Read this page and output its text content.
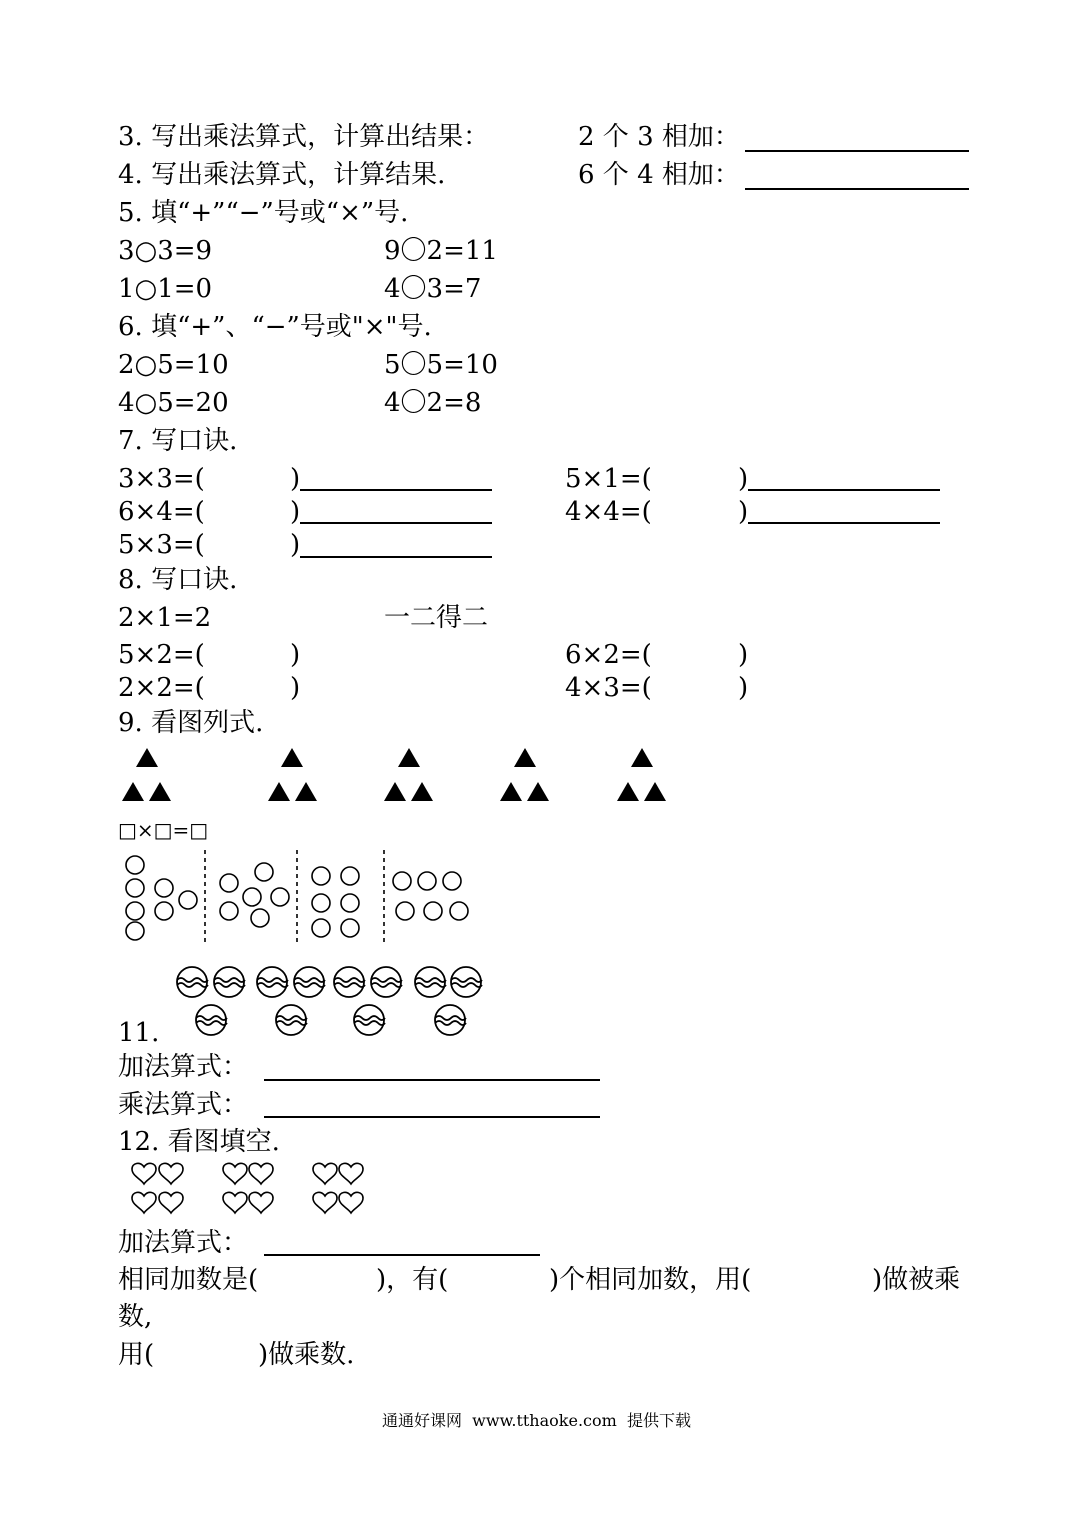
3. 写出乘法算式，计算出结果：	2 个 3 相加：
4. 写出乘法算式，计算结果.	6 个 4 相加：
5. 填“+”“−”号或“×”号.
3○3=9	9〇2=11
1○1=0	4〇3=7
6. 填“+”、“−”号或"×"号.
2○5=10	5〇5=10
4○5=20	4〇2=8
7. 写口诀.
3×3=(	)	5×1=(	)
6×4=(	)	4×4=(	)
5×3=(	)
8. 写口诀.
2×1=2	一二得二
5×2=(	)	6×2=(	)
2×2=(	)	4×3=(	)
9. 看图列式.
□×□=□
11.
加法算式：
乘法算式：
12. 看图填空.
加法算式：
相同加数是(	)，有(	)个相同加数，用(	)做被乘
数,
用(	)做乘数.
通通好课网  www.tthaoke.com  提供下载
